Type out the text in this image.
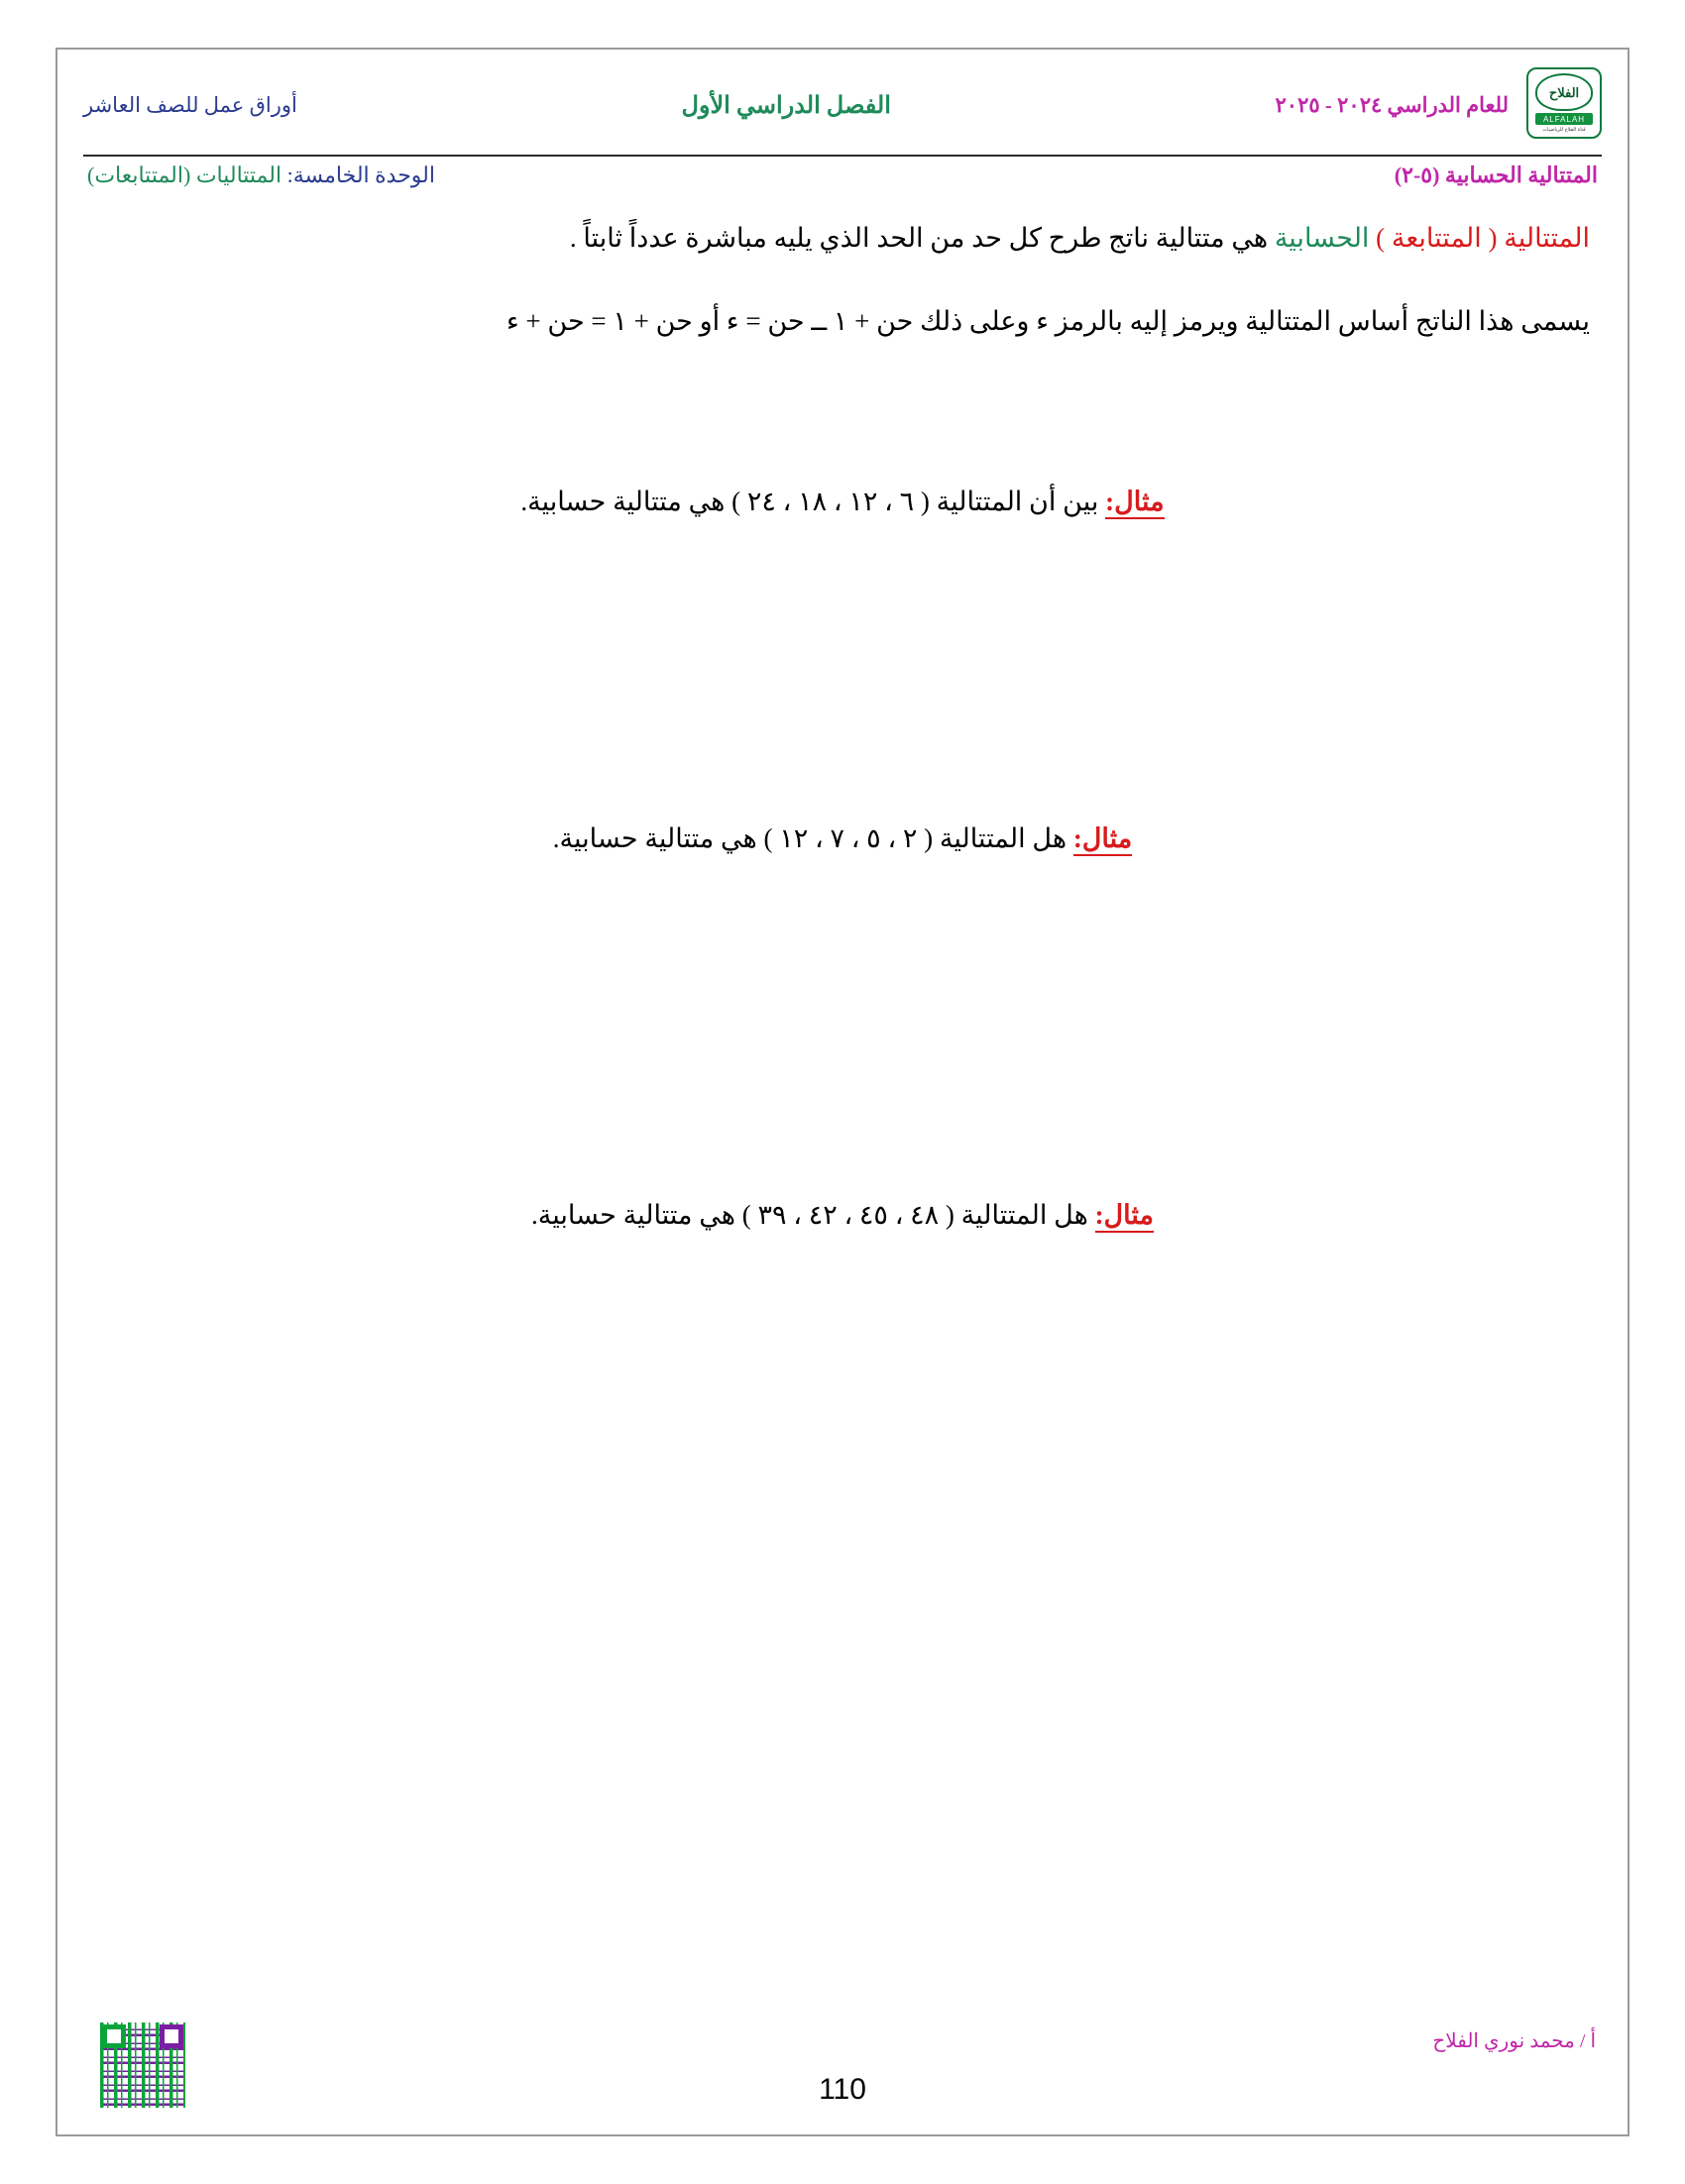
أوراق عمل للصف العاشر	الفصل الدراسي الأول	للعام الدراسي ٢٠٢٤ - ٢٠٢٥
الفلاح
ALFALAH
قناة الفلاح للرياضيات
الوحدة الخامسة: المتتاليات (المتتابعات)	المتتالية الحسابية (٥-٢)
المتتالية ( المتتابعة ) الحسابية هي متتالية ناتج طرح كل حد من الحد الذي يليه مباشرة عدداً ثابتاً .
يسمى هذا الناتج أساس المتتالية ويرمز إليه بالرمز ء وعلى ذلك حن + ١ ــ حن = ء أو حن + ١ = حن + ء
مثال: بين أن المتتالية ( ٦ ، ١٢ ، ١٨ ، ٢٤ ) هي متتالية حسابية.
مثال: هل المتتالية ( ٢ ، ٥ ، ٧ ، ١٢ ) هي متتالية حسابية.
مثال: هل المتتالية ( ٤٨ ، ٤٥ ، ٤٢ ، ٣٩ ) هي متتالية حسابية.
أ / محمد نوري الفلاح
110
